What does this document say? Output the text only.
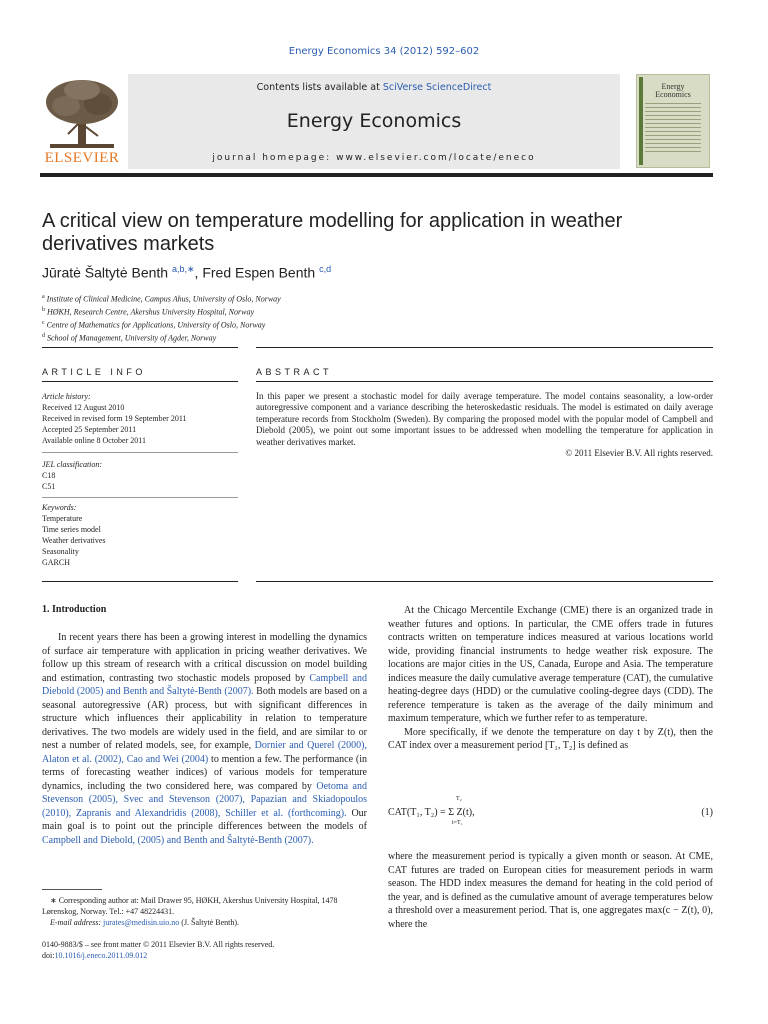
Energy Economics 34 (2012) 592–602
ELSEVIER
Contents lists available at SciVerse ScienceDirect
Energy Economics
journal homepage: www.elsevier.com/locate/eneco
Energy
Economics
A critical view on temperature modelling for application in weather derivatives markets
Jūratė Šaltytė Benth $^{a,b,∗}$, Fred Espen Benth $^{c,d}$
$^a$ Institute of Clinical Medicine, Campus Ahus, University of Oslo, Norway
$^b$ HØKH, Research Centre, Akershus University Hospital, Norway
$^c$ Centre of Mathematics for Applications, University of Oslo, Norway
$^d$ School of Management, University of Agder, Norway
ARTICLE INFO	ABSTRACT
Article history:
Received 12 August 2010
Received in revised form 19 September 2011
Accepted 25 September 2011
Available online 8 October 2011
JEL classification:
C18
C51
Keywords:
Temperature
Time series model
Weather derivatives
Seasonality
GARCH
In this paper we present a stochastic model for daily average temperature. The model contains seasonality, a low-order autoregressive component and a variance describing the heteroskedastic residuals. The model is estimated on daily average temperature records from Stockholm (Sweden). By comparing the proposed model with the popular model of Campbell and Diebold (2005), we point out some important issues to be addressed when modelling the temperature for application in weather derivatives market.
© 2011 Elsevier B.V. All rights reserved.
1. Introduction

In recent years there has been a growing interest in modelling the dynamics of surface air temperature with application in pricing weather derivatives. We follow up this stream of research with a critical discussion on model building and estimation, contrasting two stochastic models proposed by Campbell and Diebold (2005) and Benth and Šaltytė-Benth (2007). Both models are based on a seasonal autoregressive (AR) process, but with significant differences in structure which influences their applicability in relation to temperature derivatives. The two models are widely used in the field, and are similar to or nest a number of related models, see, for example, Dornier and Querel (2000), Alaton et al. (2002), Cao and Wei (2004) to mention a few. The performance (in terms of forecasting weather indices) of various models for temperature dynamics, including the two considered here, was compared by Oetoma and Stevenson (2005), Svec and Stevenson (2007), Papazian and Skiadopoulos (2010), Zapranis and Alexandridis (2008), Schiller et al. (forthcoming). Our main goal is to point out the principle differences between the models of Campbell and Diebold, (2005) and Benth and Šaltytė-Benth (2007).

At the Chicago Mercentile Exchange (CME) there is an organized trade in weather futures and options. In particular, the CME offers trade in futures contracts written on temperature indices measured at various locations world wide, providing financial instruments to hedge weather risk exposure. The locations are major cities in the US, Canada, Europe and Asia. The temperature indices measure the daily cumulative average temperature (CAT), the cumulative heating-degree days (HDD) or the cumulative cooling-degree days (CDD). The reference temperature is taken as the average of the daily minimum and maximum temperature, which we further refer to as temperature.

More specifically, if we denote the temperature on day t by Z(t), then the CAT index over a measurement period [T₁, T₂] is defined as

CAT(T₁, T₂) = Σ Z(t),
T₂
t=T₁
(1)

where the measurement period is typically a given month or season. At CME, CAT futures are traded on European cities for measurement periods in warm season. The HDD index measures the demand for heating in the cold period of the year, and is defined as the cumulative amount of average temperatures below a threshold over a measurement period. That is, one aggregates max(c − Z(t), 0), where the

∗ Corresponding author at: Mail Drawer 95, HØKH, Akershus University Hospital, 1478 Lørenskog, Norway. Tel.: +47 48224431.
E-mail address: jurates@medisin.uio.no (J. Šaltytė Benth).
0140-9883/$ – see front matter © 2011 Elsevier B.V. All rights reserved.
doi:10.1016/j.eneco.2011.09.012
